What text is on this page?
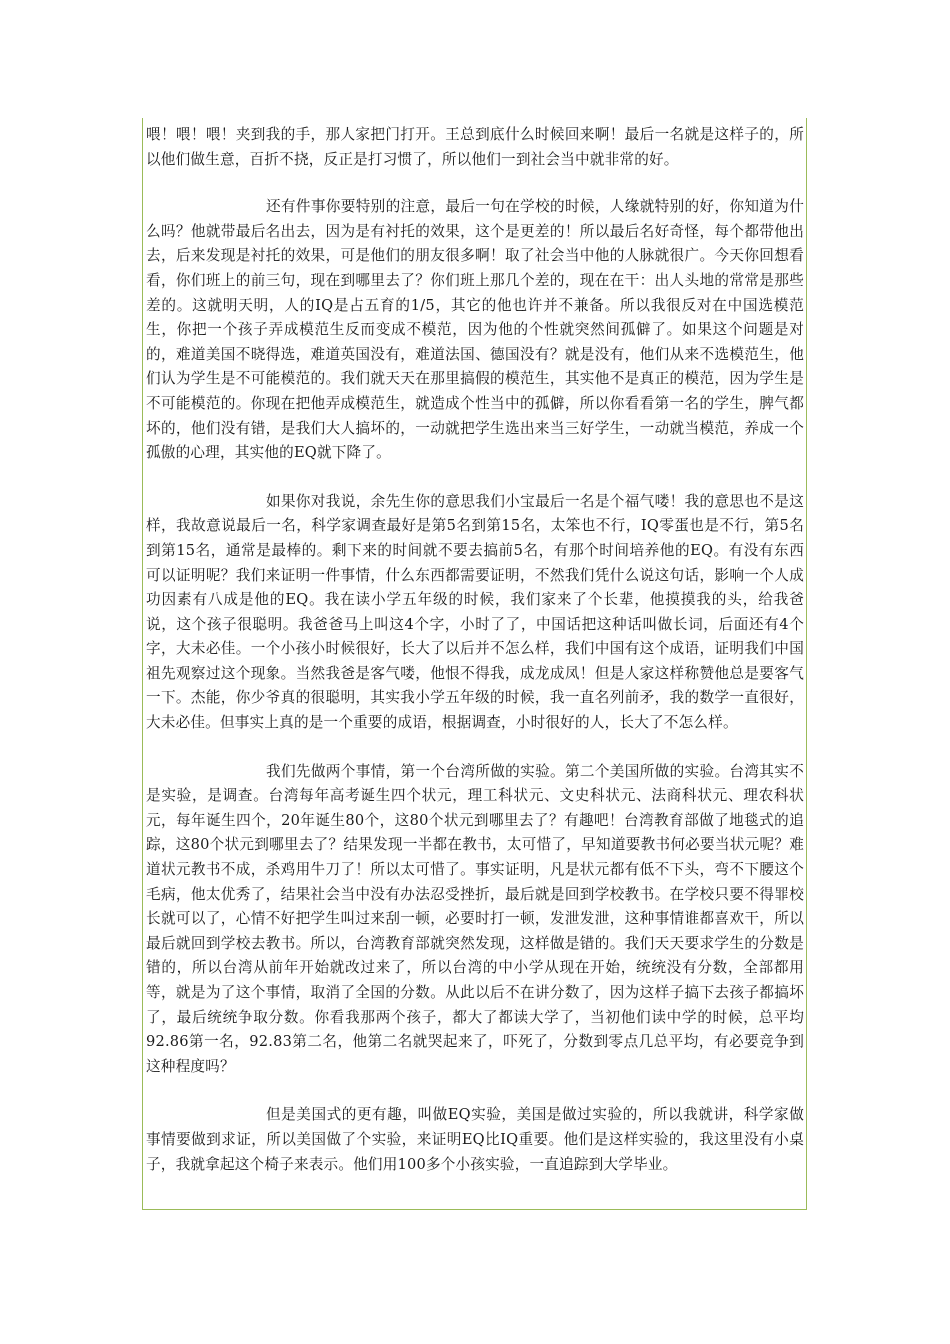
喂！喂！喂！夹到我的手，那人家把门打开。王总到底什么时候回来啊！最后一名就是这样子的，所以他们做生意，百折不挠，反正是打习惯了，所以他们一到社会当中就非常的好。

还有件事你要特别的注意，最后一句在学校的时候，人缘就特别的好，你知道为什么吗？他就带最后名出去，因为是有衬托的效果，这个是更差的！所以最后名好奇怪，每个都带他出去，后来发现是衬托的效果，可是他们的朋友很多啊！取了社会当中他的人脉就很广。今天你回想看看，你们班上的前三句，现在到哪里去了？你们班上那几个差的，现在在干：出人头地的常常是那些差的。这就明天明，人的IQ是占五育的1/5，其它的他也许并不兼备。所以我很反对在中国选模范生，你把一个孩子弄成模范生反而变成不模范，因为他的个性就突然间孤僻了。如果这个问题是对的，难道美国不晓得选，难道英国没有，难道法国、德国没有？就是没有，他们从来不选模范生，他们认为学生是不可能模范的。我们就天天在那里搞假的模范生，其实他不是真正的模范，因为学生是不可能模范的。你现在把他弄成模范生，就造成个性当中的孤僻，所以你看看第一名的学生，脾气都坏的，他们没有错，是我们大人搞坏的，一动就把学生选出来当三好学生，一动就当模范，养成一个孤傲的心理，其实他的EQ就下降了。

如果你对我说，余先生你的意思我们小宝最后一名是个福气喽！我的意思也不是这样，我故意说最后一名，科学家调查最好是第5名到第15名，太笨也不行，IQ零蛋也是不行，第5名到第15名，通常是最棒的。剩下来的时间就不要去搞前5名，有那个时间培养他的EQ。有没有东西可以证明呢？我们来证明一件事情，什么东西都需要证明，不然我们凭什么说这句话，影响一个人成功因素有八成是他的EQ。我在读小学五年级的时候，我们家来了个长辈，他摸摸我的头，给我爸说，这个孩子很聪明。我爸爸马上叫这4个字，小时了了，中国话把这种话叫做长词，后面还有4个字，大未必佳。一个小孩小时候很好，长大了以后并不怎么样，我们中国有这个成语，证明我们中国祖先观察过这个现象。当然我爸是客气喽，他恨不得我，成龙成凤！但是人家这样称赞他总是要客气一下。杰能，你少爷真的很聪明，其实我小学五年级的时候，我一直名列前矛，我的数学一直很好，大未必佳。但事实上真的是一个重要的成语，根据调查，小时很好的人，长大了不怎么样。

我们先做两个事情，第一个台湾所做的实验。第二个美国所做的实验。台湾其实不是实验，是调查。台湾每年高考诞生四个状元，理工科状元、文史科状元、法商科状元、理农科状元，每年诞生四个，20年诞生80个，这80个状元到哪里去了？有趣吧！台湾教育部做了地毯式的追踪，这80个状元到哪里去了？结果发现一半都在教书，太可惜了，早知道要教书何必要当状元呢？难道状元教书不成，杀鸡用牛刀了！所以太可惜了。事实证明，凡是状元都有低不下头，弯不下腰这个毛病，他太优秀了，结果社会当中没有办法忍受挫折，最后就是回到学校教书。在学校只要不得罪校长就可以了，心情不好把学生叫过来刮一顿，必要时打一顿，发泄发泄，这种事情谁都喜欢干，所以最后就回到学校去教书。所以，台湾教育部就突然发现，这样做是错的。我们天天要求学生的分数是错的，所以台湾从前年开始就改过来了，所以台湾的中小学从现在开始，统统没有分数，全部都用等，就是为了这个事情，取消了全国的分数。从此以后不在讲分数了，因为这样子搞下去孩子都搞坏了，最后统统争取分数。你看我那两个孩子，都大了都读大学了，当初他们读中学的时候，总平均92.86第一名，92.83第二名，他第二名就哭起来了，吓死了，分数到零点几总平均，有必要竞争到这种程度吗？

但是美国式的更有趣，叫做EQ实验，美国是做过实验的，所以我就讲，科学家做事情要做到求证，所以美国做了个实验，来证明EQ比IQ重要。他们是这样实验的，我这里没有小桌子，我就拿起这个椅子来表示。他们用100多个小孩实验，一直追踪到大学毕业。
